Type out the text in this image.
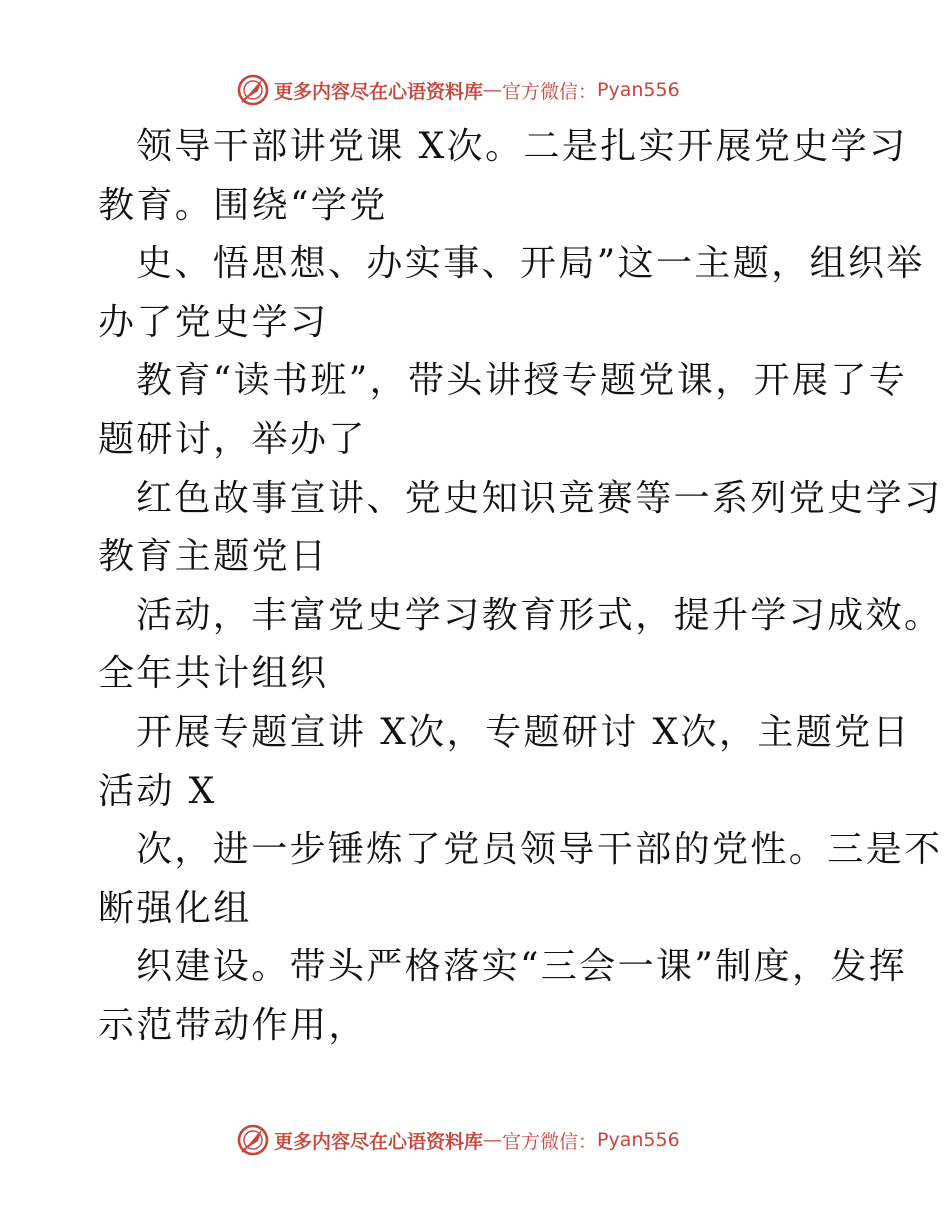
更多内容尽在心语资料库 — 官方微信： Pyan556
领导干部讲党课 X次。二是扎实开展党史学习
教育。围绕“学党
史、悟思想、办实事、开局”这一主题，组织举
办了党史学习
教育“读书班”，带头讲授专题党课，开展了专
题研讨，举办了
红色故事宣讲、党史知识竞赛等一系列党史学习
教育主题党日
活动，丰富党史学习教育形式，提升学习成效。
全年共计组织
开展专题宣讲 X次，专题研讨 X次，主题党日
活动 X
次，进一步锤炼了党员领导干部的党性。三是不
断强化组
织建设。带头严格落实“三会一课”制度，发挥
示范带动作用，
更多内容尽在心语资料库 — 官方微信： Pyan556
